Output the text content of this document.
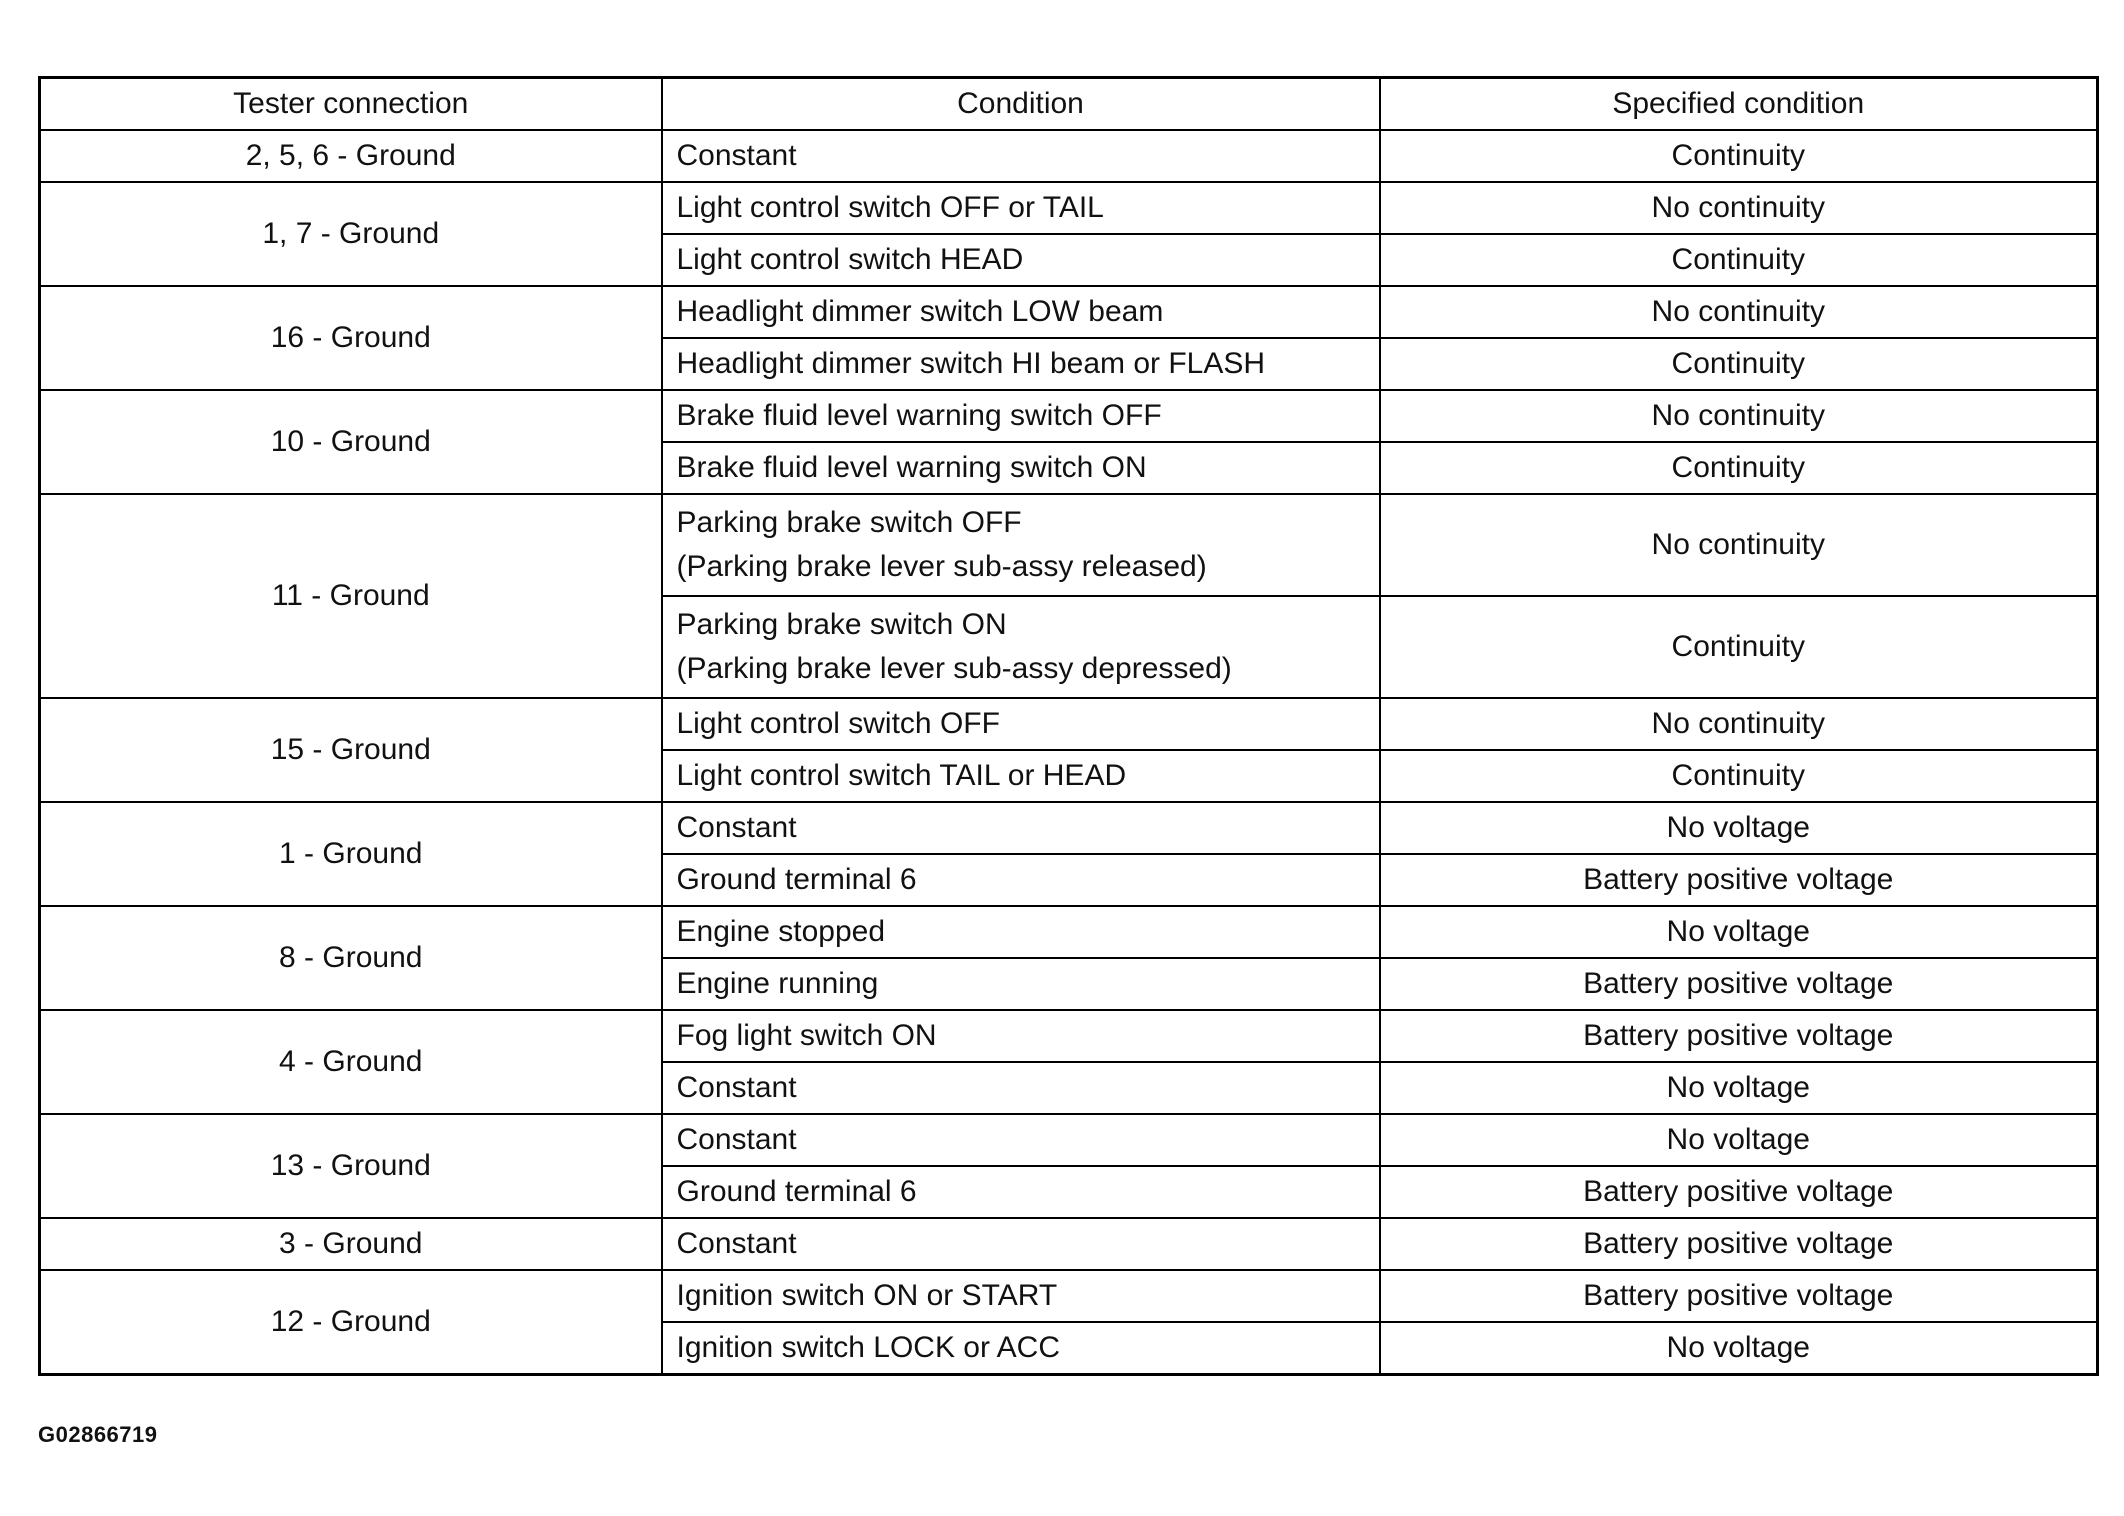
Tester connection	Condition	Specified condition
2, 5, 6 - Ground	Constant	Continuity
1, 7 - Ground	Light control switch OFF or TAIL	No continuity

	Light control switch HEAD	Continuity
16 - Ground	Headlight dimmer switch LOW beam	No continuity

	Headlight dimmer switch HI beam or FLASH	Continuity
10 - Ground	Brake fluid level warning switch OFF	No continuity

	Brake fluid level warning switch ON	Continuity
11 - Ground	Parking brake switch OFF
(Parking brake lever sub-assy released)	No continuity

	Parking brake switch ON
(Parking brake lever sub-assy depressed)	Continuity
15 - Ground	Light control switch OFF	No continuity

	Light control switch TAIL or HEAD	Continuity
1 - Ground	Constant	No voltage

	Ground terminal 6	Battery positive voltage
8 - Ground	Engine stopped	No voltage

	Engine running	Battery positive voltage
4 - Ground	Fog light switch ON	Battery positive voltage

	Constant	No voltage
13 - Ground	Constant	No voltage

	Ground terminal 6	Battery positive voltage
3 - Ground	Constant	Battery positive voltage
12 - Ground	Ignition switch ON or START	Battery positive voltage

	Ignition switch LOCK or ACC	No voltage
G02866719
